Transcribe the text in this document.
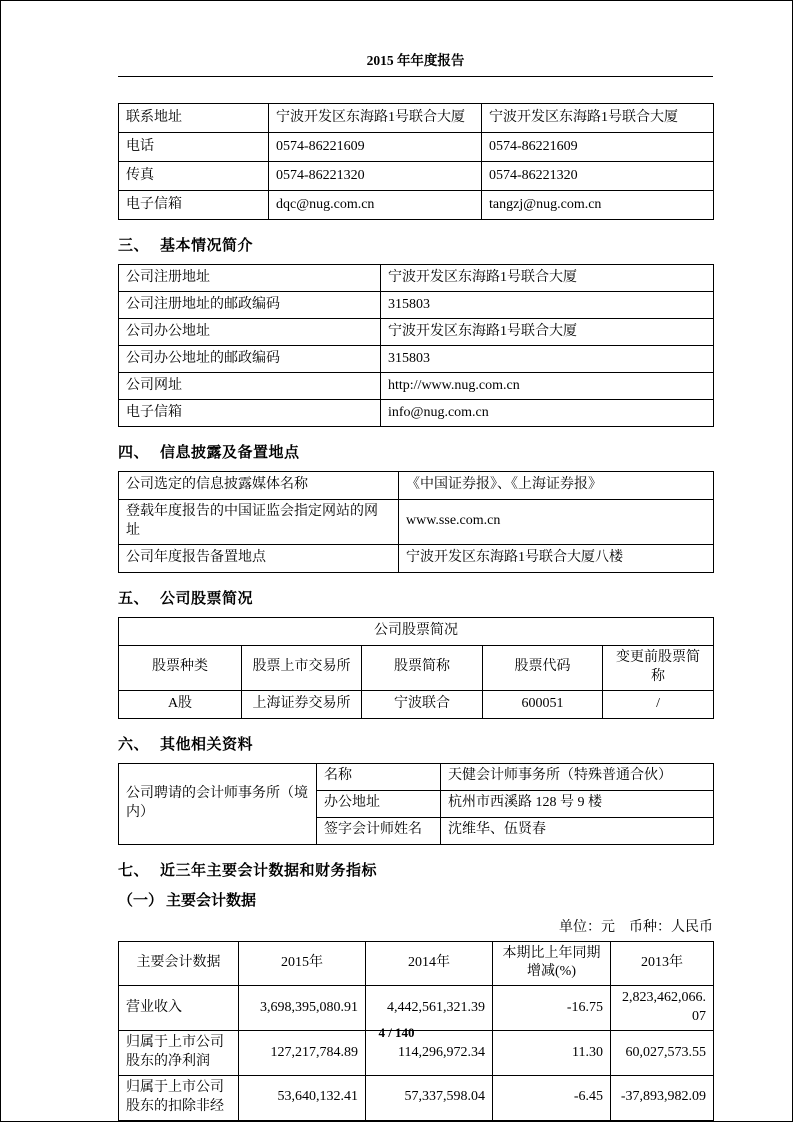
2015 年年度报告
联系地址	宁波开发区东海路1号联合大厦	宁波开发区东海路1号联合大厦
电话	0574-86221609	0574-86221609
传真	0574-86221320	0574-86221320
电子信箱	dqc@nug.com.cn	tangzj@nug.com.cn
三、 基本情况简介
公司注册地址	宁波开发区东海路1号联合大厦
公司注册地址的邮政编码	315803
公司办公地址	宁波开发区东海路1号联合大厦
公司办公地址的邮政编码	315803
公司网址	http://www.nug.com.cn
电子信箱	info@nug.com.cn
四、 信息披露及备置地点
公司选定的信息披露媒体名称	《中国证券报》、《上海证券报》
登载年度报告的中国证监会指定网站的网址	www.sse.com.cn
公司年度报告备置地点	宁波开发区东海路1号联合大厦八楼
五、 公司股票简况
公司股票简况				
股票种类	股票上市交易所	股票简称	股票代码	变更前股票简称
A股	上海证券交易所	宁波联合	600051	/
六、 其他相关资料
公司聘请的会计师事务所（境内）	名称	天健会计师事务所（特殊普通合伙）
	办公地址	杭州市西溪路 128 号 9 楼
	签字会计师姓名	沈维华、伍贤春
七、 近三年主要会计数据和财务指标
（一） 主要会计数据
单位：元 币种：人民币
主要会计数据	2015年	2014年	本期比上年同期增减(%)	2013年
营业收入	3,698,395,080.91	4,442,561,321.39	-16.75	2,823,462,066.07
归属于上市公司股东的净利润	127,217,784.89	114,296,972.34	11.30	60,027,573.55
归属于上市公司股东的扣除非经	53,640,132.41	57,337,598.04	-6.45	-37,893,982.09
4 / 140
